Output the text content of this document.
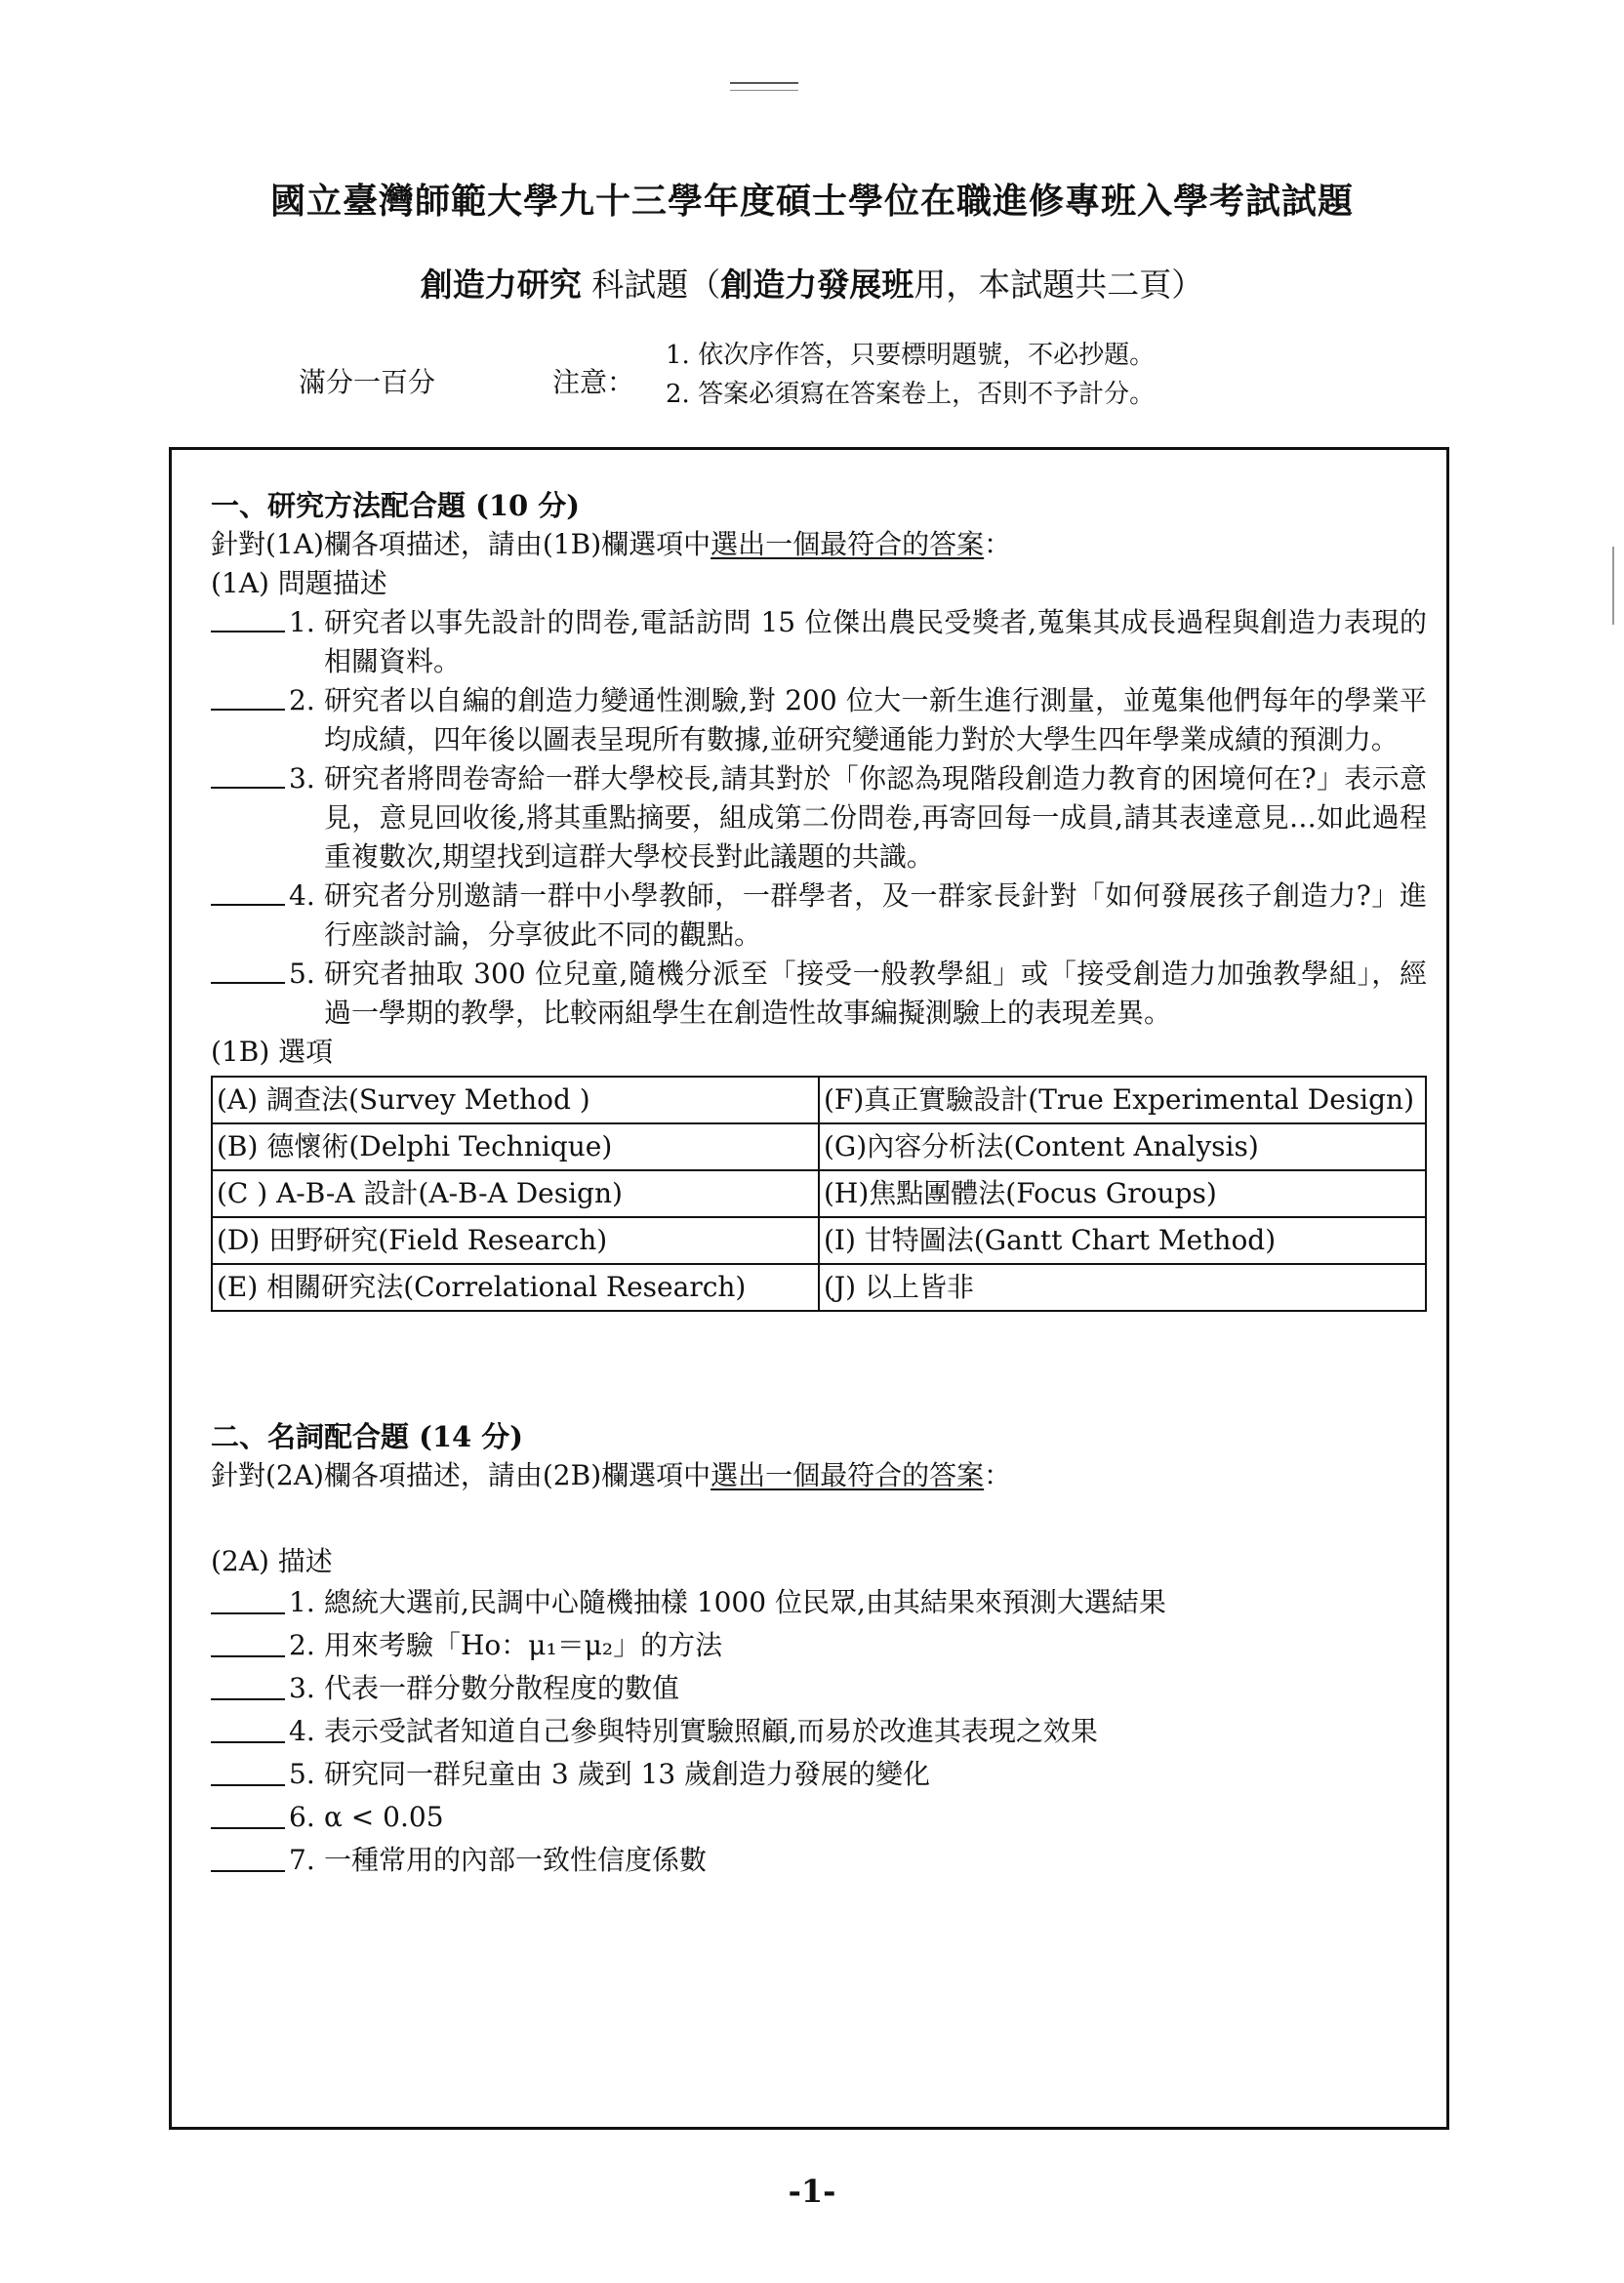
國立臺灣師範大學九十三學年度碩士學位在職進修專班入學考試試題
創造力研究 科試題（創造力發展班用，本試題共二頁）
滿分一百分	注意：
1. 依次序作答，只要標明題號，不必抄題。
2. 答案必須寫在答案卷上，否則不予計分。
一、研究方法配合題 (10 分)
針對(1A)欄各項描述，請由(1B)欄選項中選出一個最符合的答案：
(1A) 問題描述
1. 研究者以事先設計的問卷,電話訪問 15 位傑出農民受獎者,蒐集其成長過程與創造力表現的相關資料。
2. 研究者以自編的創造力變通性測驗,對 200 位大一新生進行測量，並蒐集他們每年的學業平均成績，四年後以圖表呈現所有數據,並研究變通能力對於大學生四年學業成績的預測力。
3. 研究者將問卷寄給一群大學校長,請其對於「你認為現階段創造力教育的困境何在?」表示意見，意見回收後,將其重點摘要，組成第二份問卷,再寄回每一成員,請其表達意見…如此過程重複數次,期望找到這群大學校長對此議題的共識。
4. 研究者分別邀請一群中小學教師，一群學者，及一群家長針對「如何發展孩子創造力?」進行座談討論，分享彼此不同的觀點。
5. 研究者抽取 300 位兒童,隨機分派至「接受一般教學組」或「接受創造力加強教學組」，經過一學期的教學，比較兩組學生在創造性故事編擬測驗上的表現差異。
(1B) 選項
(A) 調查法(Survey Method )	(F)真正實驗設計(True Experimental Design)
(B) 德懷術(Delphi Technique)	(G)內容分析法(Content Analysis)
(C ) A-B-A 設計(A-B-A Design)	(H)焦點團體法(Focus Groups)
(D) 田野研究(Field Research)	(I) 甘特圖法(Gantt Chart Method)
(E) 相關研究法(Correlational Research)	(J) 以上皆非
二、名詞配合題 (14 分)
針對(2A)欄各項描述，請由(2B)欄選項中選出一個最符合的答案：
(2A) 描述
1. 總統大選前,民調中心隨機抽樣 1000 位民眾,由其結果來預測大選結果
2. 用來考驗「Ho：μ₁＝μ₂」的方法
3. 代表一群分數分散程度的數值
4. 表示受試者知道自己參與特別實驗照顧,而易於改進其表現之效果
5. 研究同一群兒童由 3 歲到 13 歲創造力發展的變化
6. α < 0.05
7. 一種常用的內部一致性信度係數
-1-
